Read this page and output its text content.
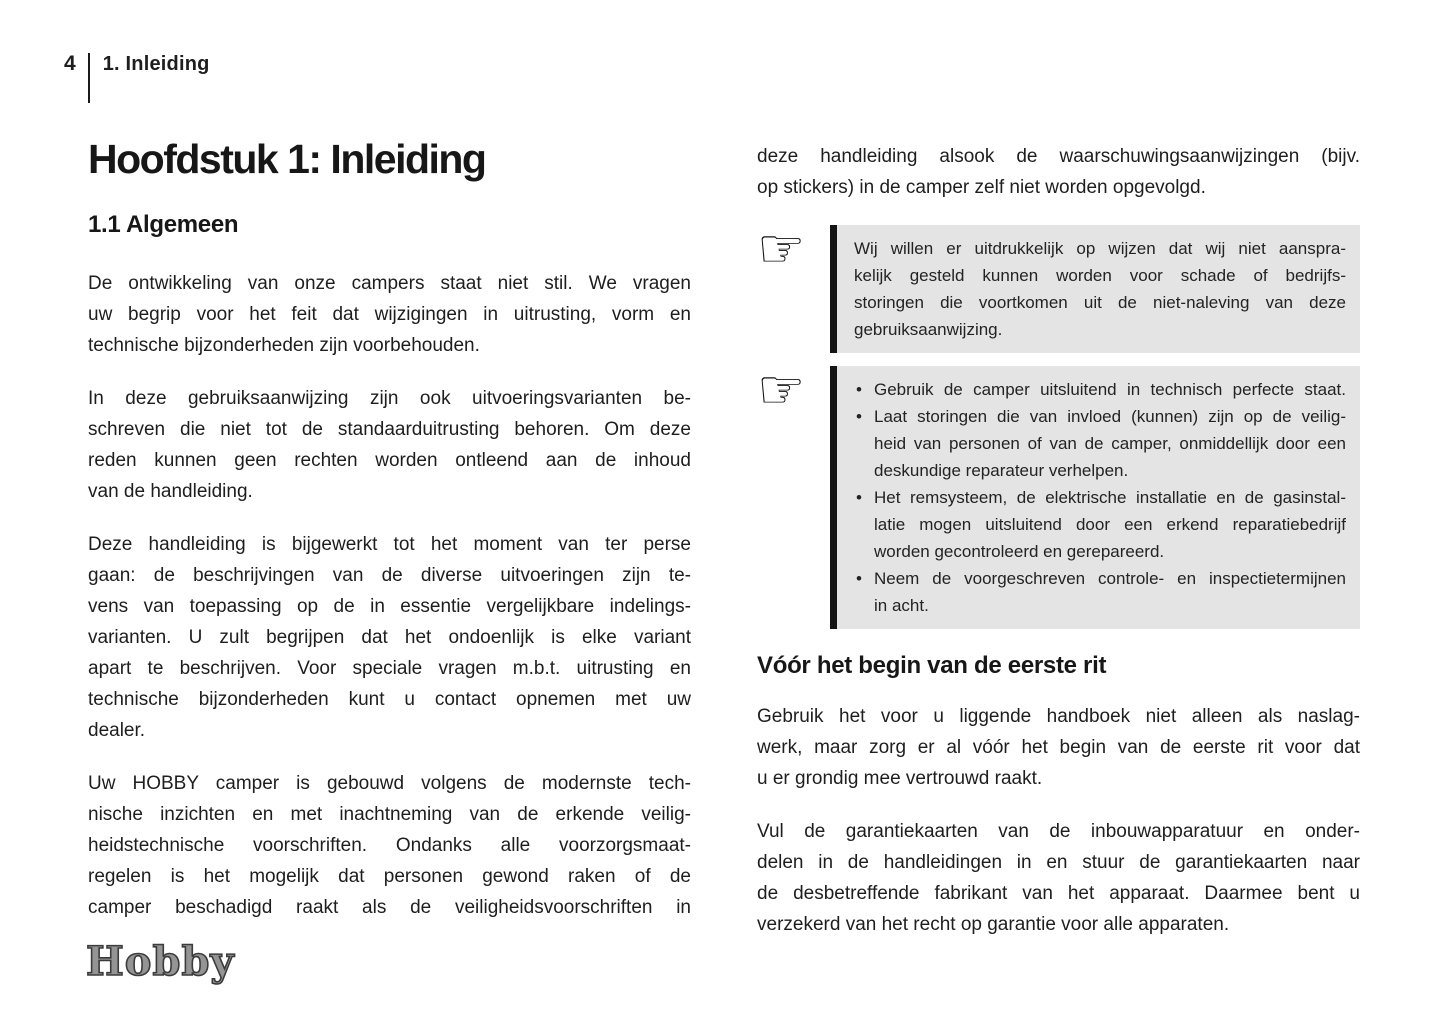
4 1. Inleiding
Hoofdstuk 1: Inleiding
1.1 Algemeen
De ontwikkeling van onze campers staat niet stil. We vragen
uw begrip voor het feit dat wijzigingen in uitrusting, vorm en
technische bijzonderheden zijn voorbehouden.
In deze gebruiksaanwijzing zijn ook uitvoeringsvarianten be-
schreven die niet tot de standaarduitrusting behoren. Om deze
reden kunnen geen rechten worden ontleend aan de inhoud
van de handleiding.
Deze handleiding is bijgewerkt tot het moment van ter perse
gaan: de beschrijvingen van de diverse uitvoeringen zijn te-
vens van toepassing op de in essentie vergelijkbare indelings-
varianten. U zult begrijpen dat het ondoenlijk is elke variant
apart te beschrijven. Voor speciale vragen m.b.t. uitrusting en
technische bijzonderheden kunt u contact opnemen met uw
dealer.
Uw HOBBY camper is gebouwd volgens de modernste tech-
nische inzichten en met inachtneming van de erkende veilig-
heidstechnische voorschriften. Ondanks alle voorzorgsmaat-
regelen is het mogelijk dat personen gewond raken of de
camper beschadigd raakt als de veiligheidsvoorschriften in
deze handleiding alsook de waarschuwingsaanwijzingen (bijv.
op stickers) in de camper zelf niet worden opgevolgd.
☞	Wij willen er uitdrukkelijk op wijzen dat wij niet aanspra-
kelijk gesteld kunnen worden voor schade of bedrijfs-
storingen die voortkomen uit de niet-naleving van deze
gebruiksaanwijzing.
☞	• Gebruik de camper uitsluitend in technisch perfecte staat.
• Laat storingen die van invloed (kunnen) zijn op de veilig-
heid van personen of van de camper, onmiddellijk door een
deskundige reparateur verhelpen.
• Het remsysteem, de elektrische installatie en de gasinstal-
latie mogen uitsluitend door een erkend reparatiebedrijf
worden gecontroleerd en gerepareerd.
• Neem de voorgeschreven controle- en inspectietermijnen
in acht.
Vóór het begin van de eerste rit
Gebruik het voor u liggende handboek niet alleen als naslag-
werk, maar zorg er al vóór het begin van de eerste rit voor dat
u er grondig mee vertrouwd raakt.
Vul de garantiekaarten van de inbouwapparatuur en onder-
delen in de handleidingen in en stuur de garantiekaarten naar
de desbetreffende fabrikant van het apparaat. Daarmee bent u
verzekerd van het recht op garantie voor alle apparaten.
Hobby
